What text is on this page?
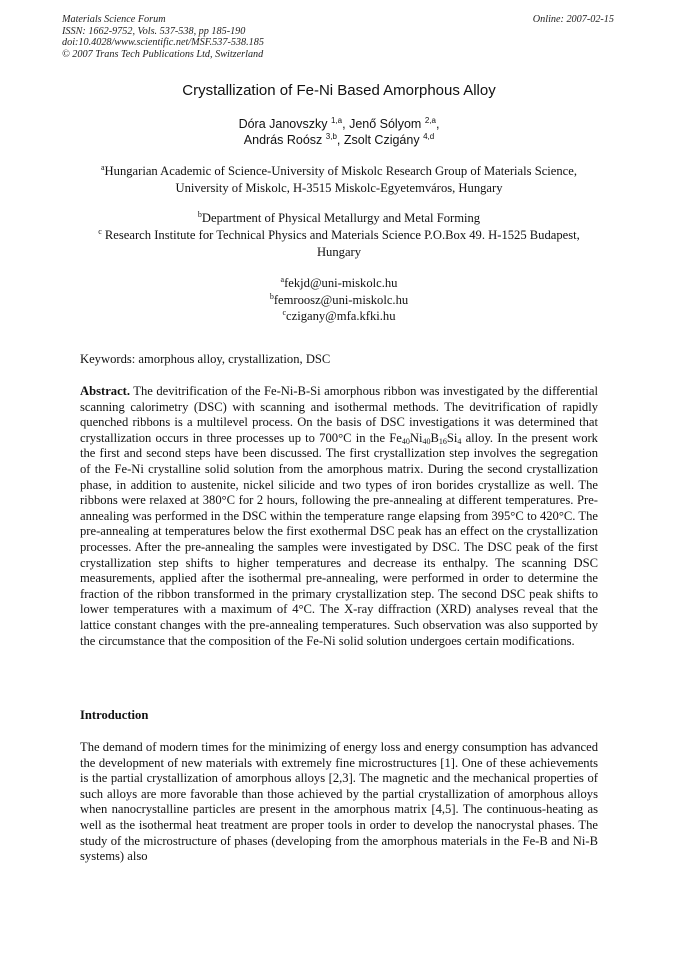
Materials Science Forum
ISSN: 1662-9752, Vols. 537-538, pp 185-190
doi:10.4028/www.scientific.net/MSF.537-538.185
© 2007 Trans Tech Publications Ltd, Switzerland
Online: 2007-02-15
Crystallization of Fe-Ni Based Amorphous Alloy
Dóra Janovszky $^{1,a}$, Jenő Sólyom $^{2,a}$,
András Roósz $^{3,b}$, Zsolt Czigány $^{4,d}$
$^a$Hungarian Academic of Science-University of Miskolc Research Group of Materials Science, University of Miskolc, H-3515 Miskolc-Egyetemváros, Hungary
$^b$Department of Physical Metallurgy and Metal Forming
$^c$ Research Institute for Technical Physics and Materials Science P.O.Box 49. H-1525 Budapest, Hungary
$^a$fekjd@uni-miskolc.hu
$^b$femroosz@uni-miskolc.hu
$^c$czigany@mfa.kfki.hu
Keywords: amorphous alloy, crystallization, DSC

Abstract. The devitrification of the Fe-Ni-B-Si amorphous ribbon was investigated by the differential scanning calorimetry (DSC) with scanning and isothermal methods. The devitrification of rapidly quenched ribbons is a multilevel process. On the basis of DSC investigations it was determined that crystallization occurs in three processes up to 700°C in the $Fe_{40}Ni_{40}B_{16}Si_4$ alloy. In the present work the first and second steps have been discussed. The first crystallization step involves the segregation of the Fe-Ni crystalline solid solution from the amorphous matrix. During the second crystallization phase, in addition to austenite, nickel silicide and two types of iron borides crystallize as well. The ribbons were relaxed at 380°C for 2 hours, following the pre-annealing at different temperatures. Pre-annealing was performed in the DSC within the temperature range elapsing from 395°C to 420°C. The pre-annealing at temperatures below the first exothermal DSC peak has an effect on the crystallization processes. After the pre-annealing the samples were investigated by DSC. The DSC peak of the first crystallization step shifts to higher temperatures and decrease its enthalpy. The scanning DSC measurements, applied after the isothermal pre-annealing, were performed in order to determine the fraction of the ribbon transformed in the primary crystallization step. The second DSC peak shifts to lower temperatures with a maximum of 4°C. The X-ray diffraction (XRD) analyses reveal that the lattice constant changes with the pre-annealing temperatures. Such observation was also supported by the circumstance that the composition of the Fe-Ni solid solution undergoes certain modifications.

Introduction

The demand of modern times for the minimizing of energy loss and energy consumption has advanced the development of new materials with extremely fine microstructures [1]. One of these achievements is the partial crystallization of amorphous alloys [2,3]. The magnetic and the mechanical properties of such alloys are more favorable than those achieved by the partial crystallization of amorphous alloys when nanocrystalline particles are present in the amorphous matrix [4,5]. The continuous-heating as well as the isothermal heat treatment are proper tools in order to develop the nanocrystal phases. The study of the microstructure of phases (developing from the amorphous materials in the Fe-B and Ni-B systems) also
